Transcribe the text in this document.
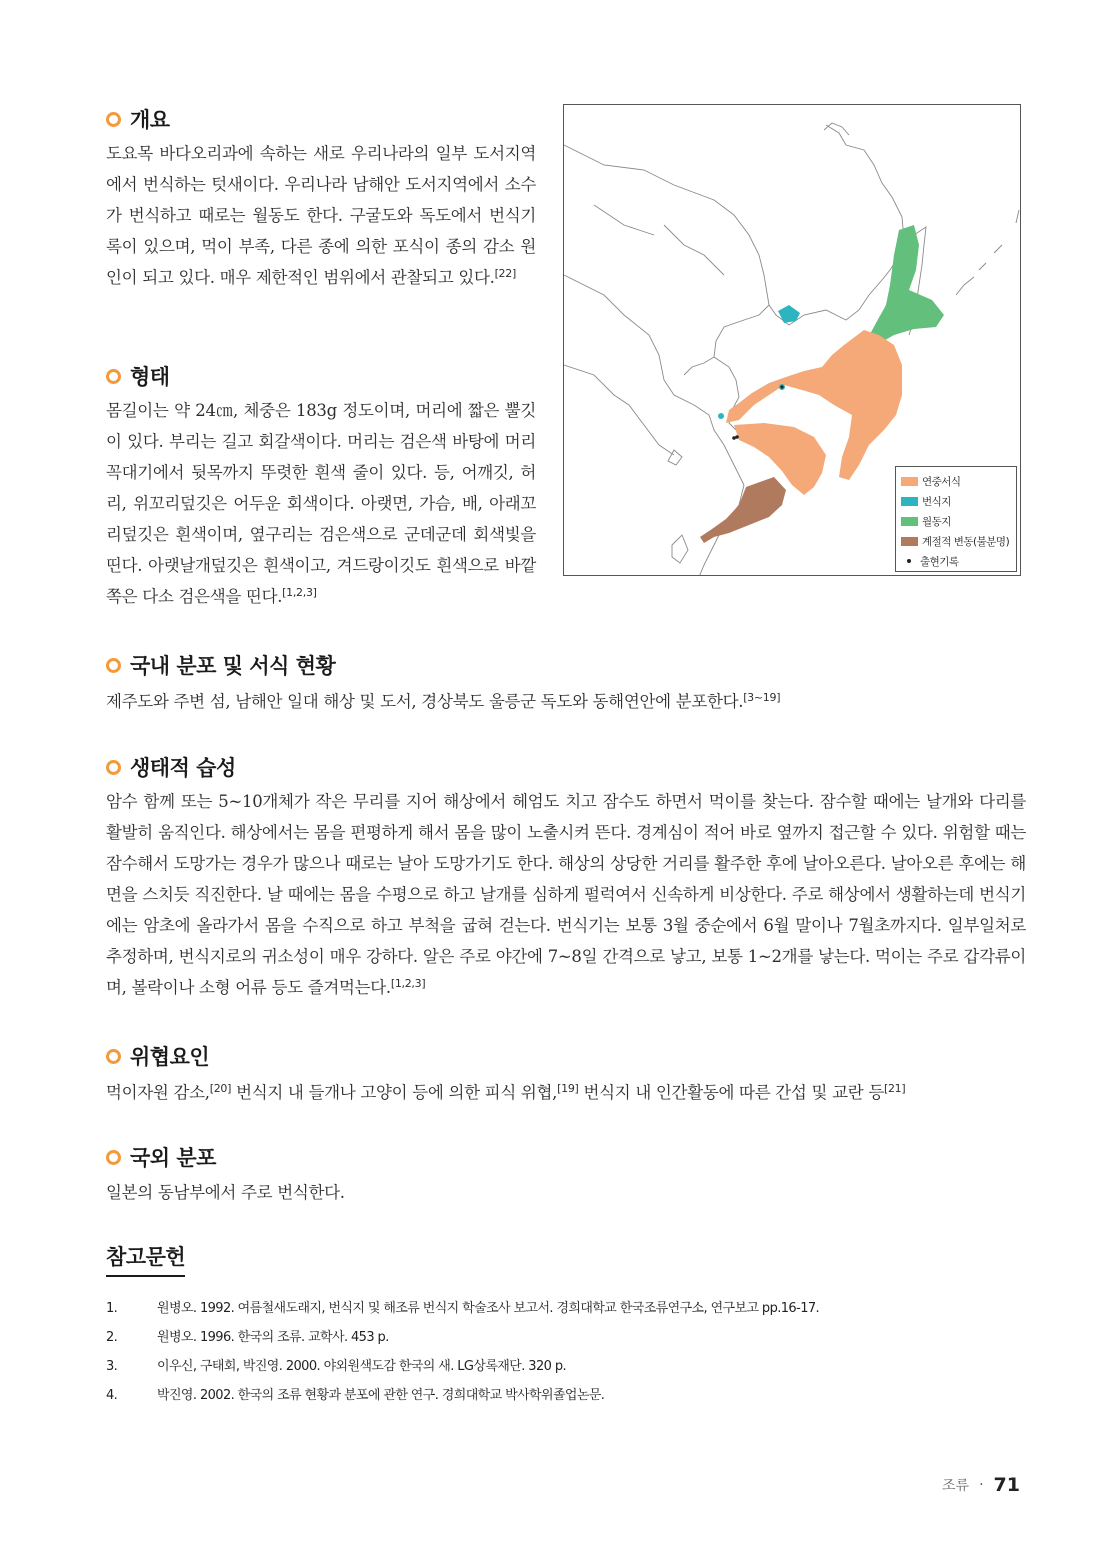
개요

도요목 바다오리과에 속하는 새로 우리나라의 일부 도서지역에서 번식하는 텃새이다. 우리나라 남해안 도서지역에서 소수가 번식하고 때로는 월동도 한다. 구굴도와 독도에서 번식기록이 있으며, 먹이 부족, 다른 종에 의한 포식이 종의 감소 원인이 되고 있다. 매우 제한적인 범위에서 관찰되고 있다.[22]

형태

몸길이는 약 24㎝, 체중은 183g 정도이며, 머리에 짧은 뿔깃이 있다. 부리는 길고 회갈색이다. 머리는 검은색 바탕에 머리꼭대기에서 뒷목까지 뚜렷한 흰색 줄이 있다. 등, 어깨깃, 허리, 위꼬리덮깃은 어두운 회색이다. 아랫면, 가슴, 배, 아래꼬리덮깃은 흰색이며, 옆구리는 검은색으로 군데군데 회색빛을 띤다. 아랫날개덮깃은 흰색이고, 겨드랑이깃도 흰색으로 바깥쪽은 다소 검은색을 띤다.[1,2,3]

연중서식
번식지
월동지
계절적 변동(불분명)
출현기록
국내 분포 및 서식 현황

제주도와 주변 섬, 남해안 일대 해상 및 도서, 경상북도 울릉군 독도와 동해연안에 분포한다.[3~19]

생태적 습성

암수 함께 또는 5~10개체가 작은 무리를 지어 해상에서 헤엄도 치고 잠수도 하면서 먹이를 찾는다. 잠수할 때에는 날개와 다리를 활발히 움직인다. 해상에서는 몸을 편평하게 해서 몸을 많이 노출시켜 뜬다. 경계심이 적어 바로 옆까지 접근할 수 있다. 위험할 때는 잠수해서 도망가는 경우가 많으나 때로는 날아 도망가기도 한다. 해상의 상당한 거리를 활주한 후에 날아오른다. 날아오른 후에는 해면을 스치듯 직진한다. 날 때에는 몸을 수평으로 하고 날개를 심하게 펄럭여서 신속하게 비상한다. 주로 해상에서 생활하는데 번식기에는 암초에 올라가서 몸을 수직으로 하고 부척을 굽혀 걷는다. 번식기는 보통 3월 중순에서 6월 말이나 7월초까지다. 일부일처로 추정하며, 번식지로의 귀소성이 매우 강하다. 알은 주로 야간에 7~8일 간격으로 낳고, 보통 1~2개를 낳는다. 먹이는 주로 갑각류이며, 볼락이나 소형 어류 등도 즐겨먹는다.[1,2,3]

위협요인

먹이자원 감소,[20] 번식지 내 들개나 고양이 등에 의한 피식 위협,[19] 번식지 내 인간활동에 따른 간섭 및 교란 등[21]

국외 분포

일본의 동남부에서 주로 번식한다.

참고문헌
1.	원병오. 1992. 여름철새도래지, 번식지 및 해조류 번식지 학술조사 보고서. 경희대학교 한국조류연구소, 연구보고 pp.16-17.
2.	원병오. 1996. 한국의 조류. 교학사. 453 p.
3.	이우신, 구태회, 박진영. 2000. 야외원색도감 한국의 새. LG상록재단. 320 p.
4.	박진영. 2002. 한국의 조류 현황과 분포에 관한 연구. 경희대학교 박사학위졸업논문.
조류 · 71
